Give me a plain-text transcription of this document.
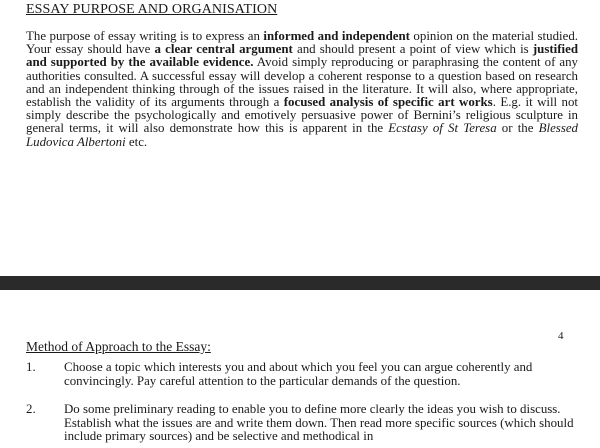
ESSAY PURPOSE AND ORGANISATION

The purpose of essay writing is to express an informed and independent opinion on the material studied. Your essay should have a clear central argument and should present a point of view which is justified and supported by the available evidence. Avoid simply reproducing or paraphrasing the content of any authorities consulted. A successful essay will develop a coherent response to a question based on research and an independent thinking through of the issues raised in the literature. It will also, where appropriate, establish the validity of its arguments through a focused analysis of specific art works. E.g. it will not simply describe the psychologically and emotively persuasive power of Bernini’s religious sculpture in general terms, it will also demonstrate how this is apparent in the Ecstasy of St Teresa or the Blessed Ludovica Albertoni etc.

4
Method of Approach to the Essay:
1. Choose a topic which interests you and about which you feel you can argue coherently and convincingly. Pay careful attention to the particular demands of the question.
2. Do some preliminary reading to enable you to define more clearly the ideas you wish to discuss. Establish what the issues are and write them down. Then read more specific sources (which should include primary sources) and be selective and methodical in
